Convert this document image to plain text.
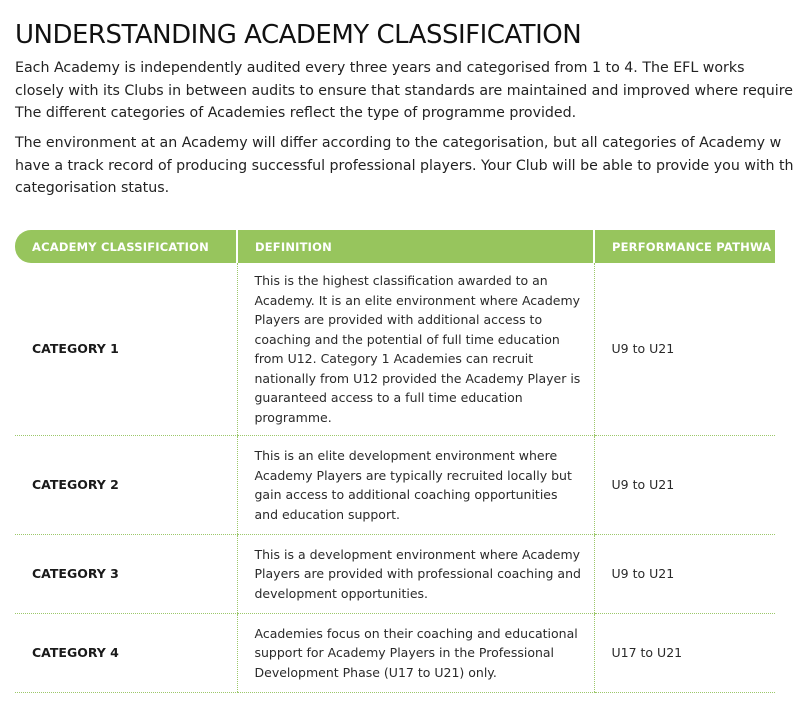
UNDERSTANDING ACADEMY CLASSIFICATION

Each Academy is independently audited every three years and categorised from 1 to 4. The EFL works
closely with its Clubs in between audits to ensure that standards are maintained and improved where require
The different categories of Academies reflect the type of programme provided.

The environment at an Academy will differ according to the categorisation, but all categories of Academy w
have a track record of producing successful professional players. Your Club will be able to provide you with th
categorisation status.

ACADEMY CLASSIFICATION	DEFINITION	PERFORMANCE PATHWA
CATEGORY 1	This is the highest classification awarded to an Academy. It is an elite environment where Academy Players are provided with additional access to coaching and the potential of full time education from U12. Category 1 Academies can recruit nationally from U12 provided the Academy Player is guaranteed access to a full time education programme.	U9 to U21
CATEGORY 2	This is an elite development environment where Academy Players are typically recruited locally but gain access to additional coaching opportunities and education support.	U9 to U21
CATEGORY 3	This is a development environment where Academy Players are provided with professional coaching and development opportunities.	U9 to U21
CATEGORY 4	Academies focus on their coaching and educational support for Academy Players in the Professional Development Phase (U17 to U21) only.	U17 to U21
